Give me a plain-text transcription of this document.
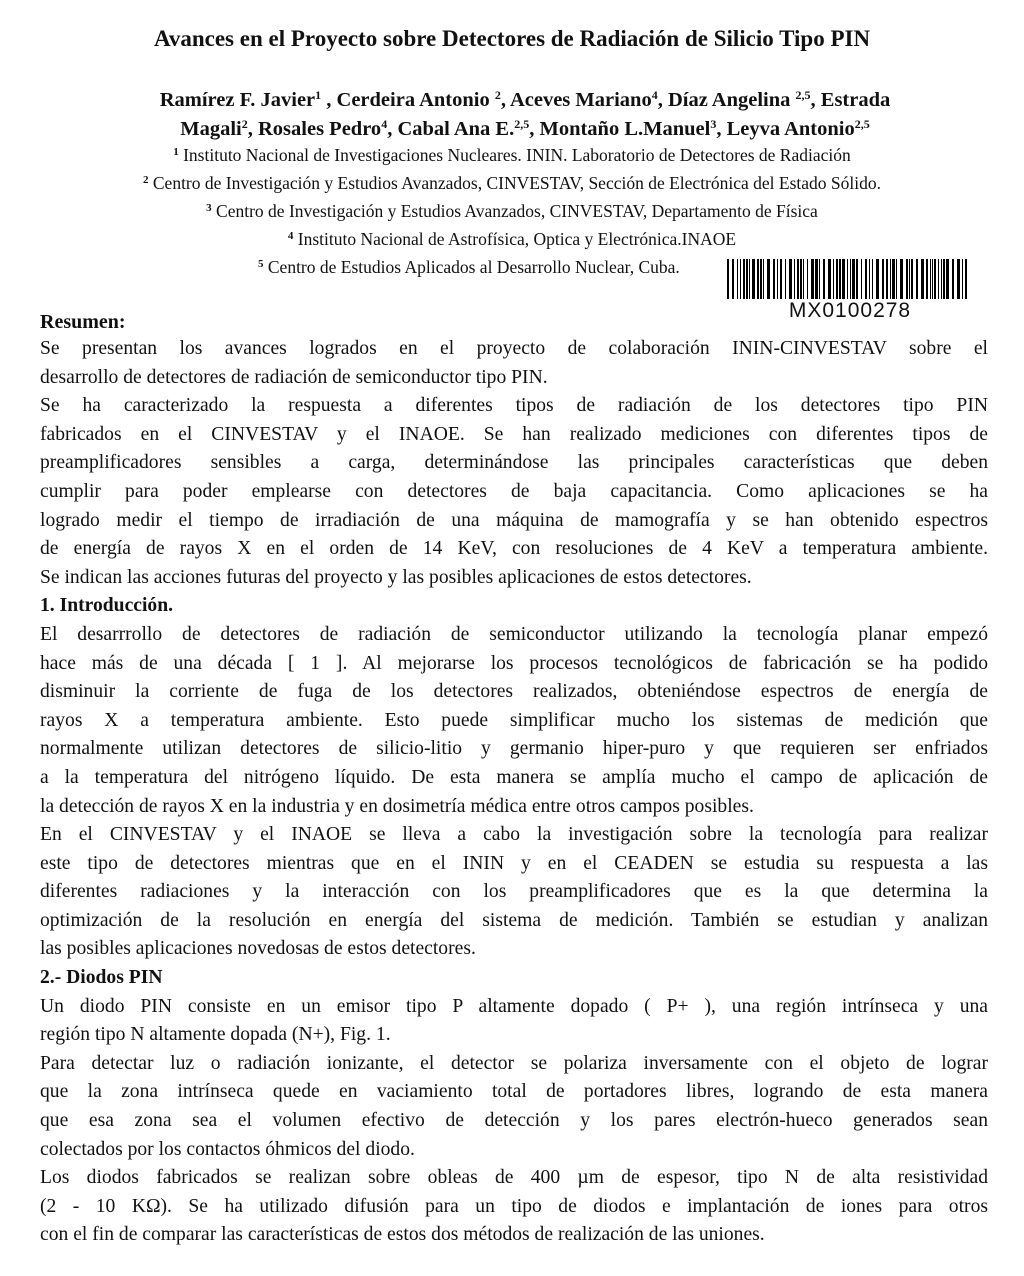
Avances en el Proyecto sobre Detectores de Radiación de Silicio Tipo PIN
Ramírez F. Javier$^1$ , Cerdeira Antonio $^2$, Aceves Mariano$^4$, Díaz Angelina $^{2,5}$, Estrada
Magali$^2$, Rosales Pedro$^4$, Cabal Ana E.$^{2,5}$, Montaño L.Manuel$^3$, Leyva Antonio$^{2,5}$
$^1$ Instituto Nacional de Investigaciones Nucleares. ININ. Laboratorio de Detectores de Radiación
$^2$ Centro de Investigación y Estudios Avanzados, CINVESTAV, Sección de Electrónica del Estado Sólido.
$^3$ Centro de Investigación y Estudios Avanzados, CINVESTAV, Departamento de Física
$^4$ Instituto Nacional de Astrofísica, Optica y Electrónica.INAOE
$^5$ Centro de Estudios Aplicados al Desarrollo Nuclear, Cuba.
MX0100278
Resumen:
Se presentan los avances logrados en el proyecto de colaboración ININ-CINVESTAV sobre el
desarrollo de detectores de radiación de semiconductor tipo PIN.
Se ha caracterizado la respuesta a diferentes tipos de radiación de los detectores tipo PIN
fabricados en el CINVESTAV y el INAOE. Se han realizado mediciones con diferentes tipos de
preamplificadores sensibles a carga, determinándose las principales características que deben
cumplir para poder emplearse con detectores de baja capacitancia. Como aplicaciones se ha
logrado medir el tiempo de irradiación de una máquina de mamografía y se han obtenido espectros
de energía de rayos X en el orden de 14 KeV, con resoluciones de 4 KeV a temperatura ambiente.
Se indican las acciones futuras del proyecto y las posibles aplicaciones de estos detectores.
1. Introducción.
El desarrrollo de detectores de radiación de semiconductor utilizando la tecnología planar empezó
hace más de una década [ 1 ]. Al mejorarse los procesos tecnológicos de fabricación se ha podido
disminuir la corriente de fuga de los detectores realizados, obteniéndose espectros de energía de
rayos X a temperatura ambiente. Esto puede simplificar mucho los sistemas de medición que
normalmente utilizan detectores de silicio-litio y germanio hiper-puro y que requieren ser enfriados
a la temperatura del nitrógeno líquido. De esta manera se amplía mucho el campo de aplicación de
la detección de rayos X en la industria y en dosimetría médica entre otros campos posibles.
En el CINVESTAV y el INAOE se lleva a cabo la investigación sobre la tecnología para realizar
este tipo de detectores mientras que en el ININ y en el CEADEN se estudia su respuesta a las
diferentes radiaciones y la interacción con los preamplificadores que es la que determina la
optimización de la resolución en energía del sistema de medición. También se estudian y analizan
las posibles aplicaciones novedosas de estos detectores.
2.- Diodos PIN
Un diodo PIN consiste en un emisor tipo P altamente dopado ( P+ ), una región intrínseca y una
región tipo N altamente dopada (N+), Fig. 1.
Para detectar luz o radiación ionizante, el detector se polariza inversamente con el objeto de lograr
que la zona intrínseca quede en vaciamiento total de portadores libres, logrando de esta manera
que esa zona sea el volumen efectivo de detección y los pares electrón-hueco generados sean
colectados por los contactos óhmicos del diodo.
Los diodos fabricados se realizan sobre obleas de 400 µm de espesor, tipo N de alta resistividad
(2 - 10 KΩ). Se ha utilizado difusión para un tipo de diodos e implantación de iones para otros
con el fin de comparar las características de estos dos métodos de realización de las uniones.
